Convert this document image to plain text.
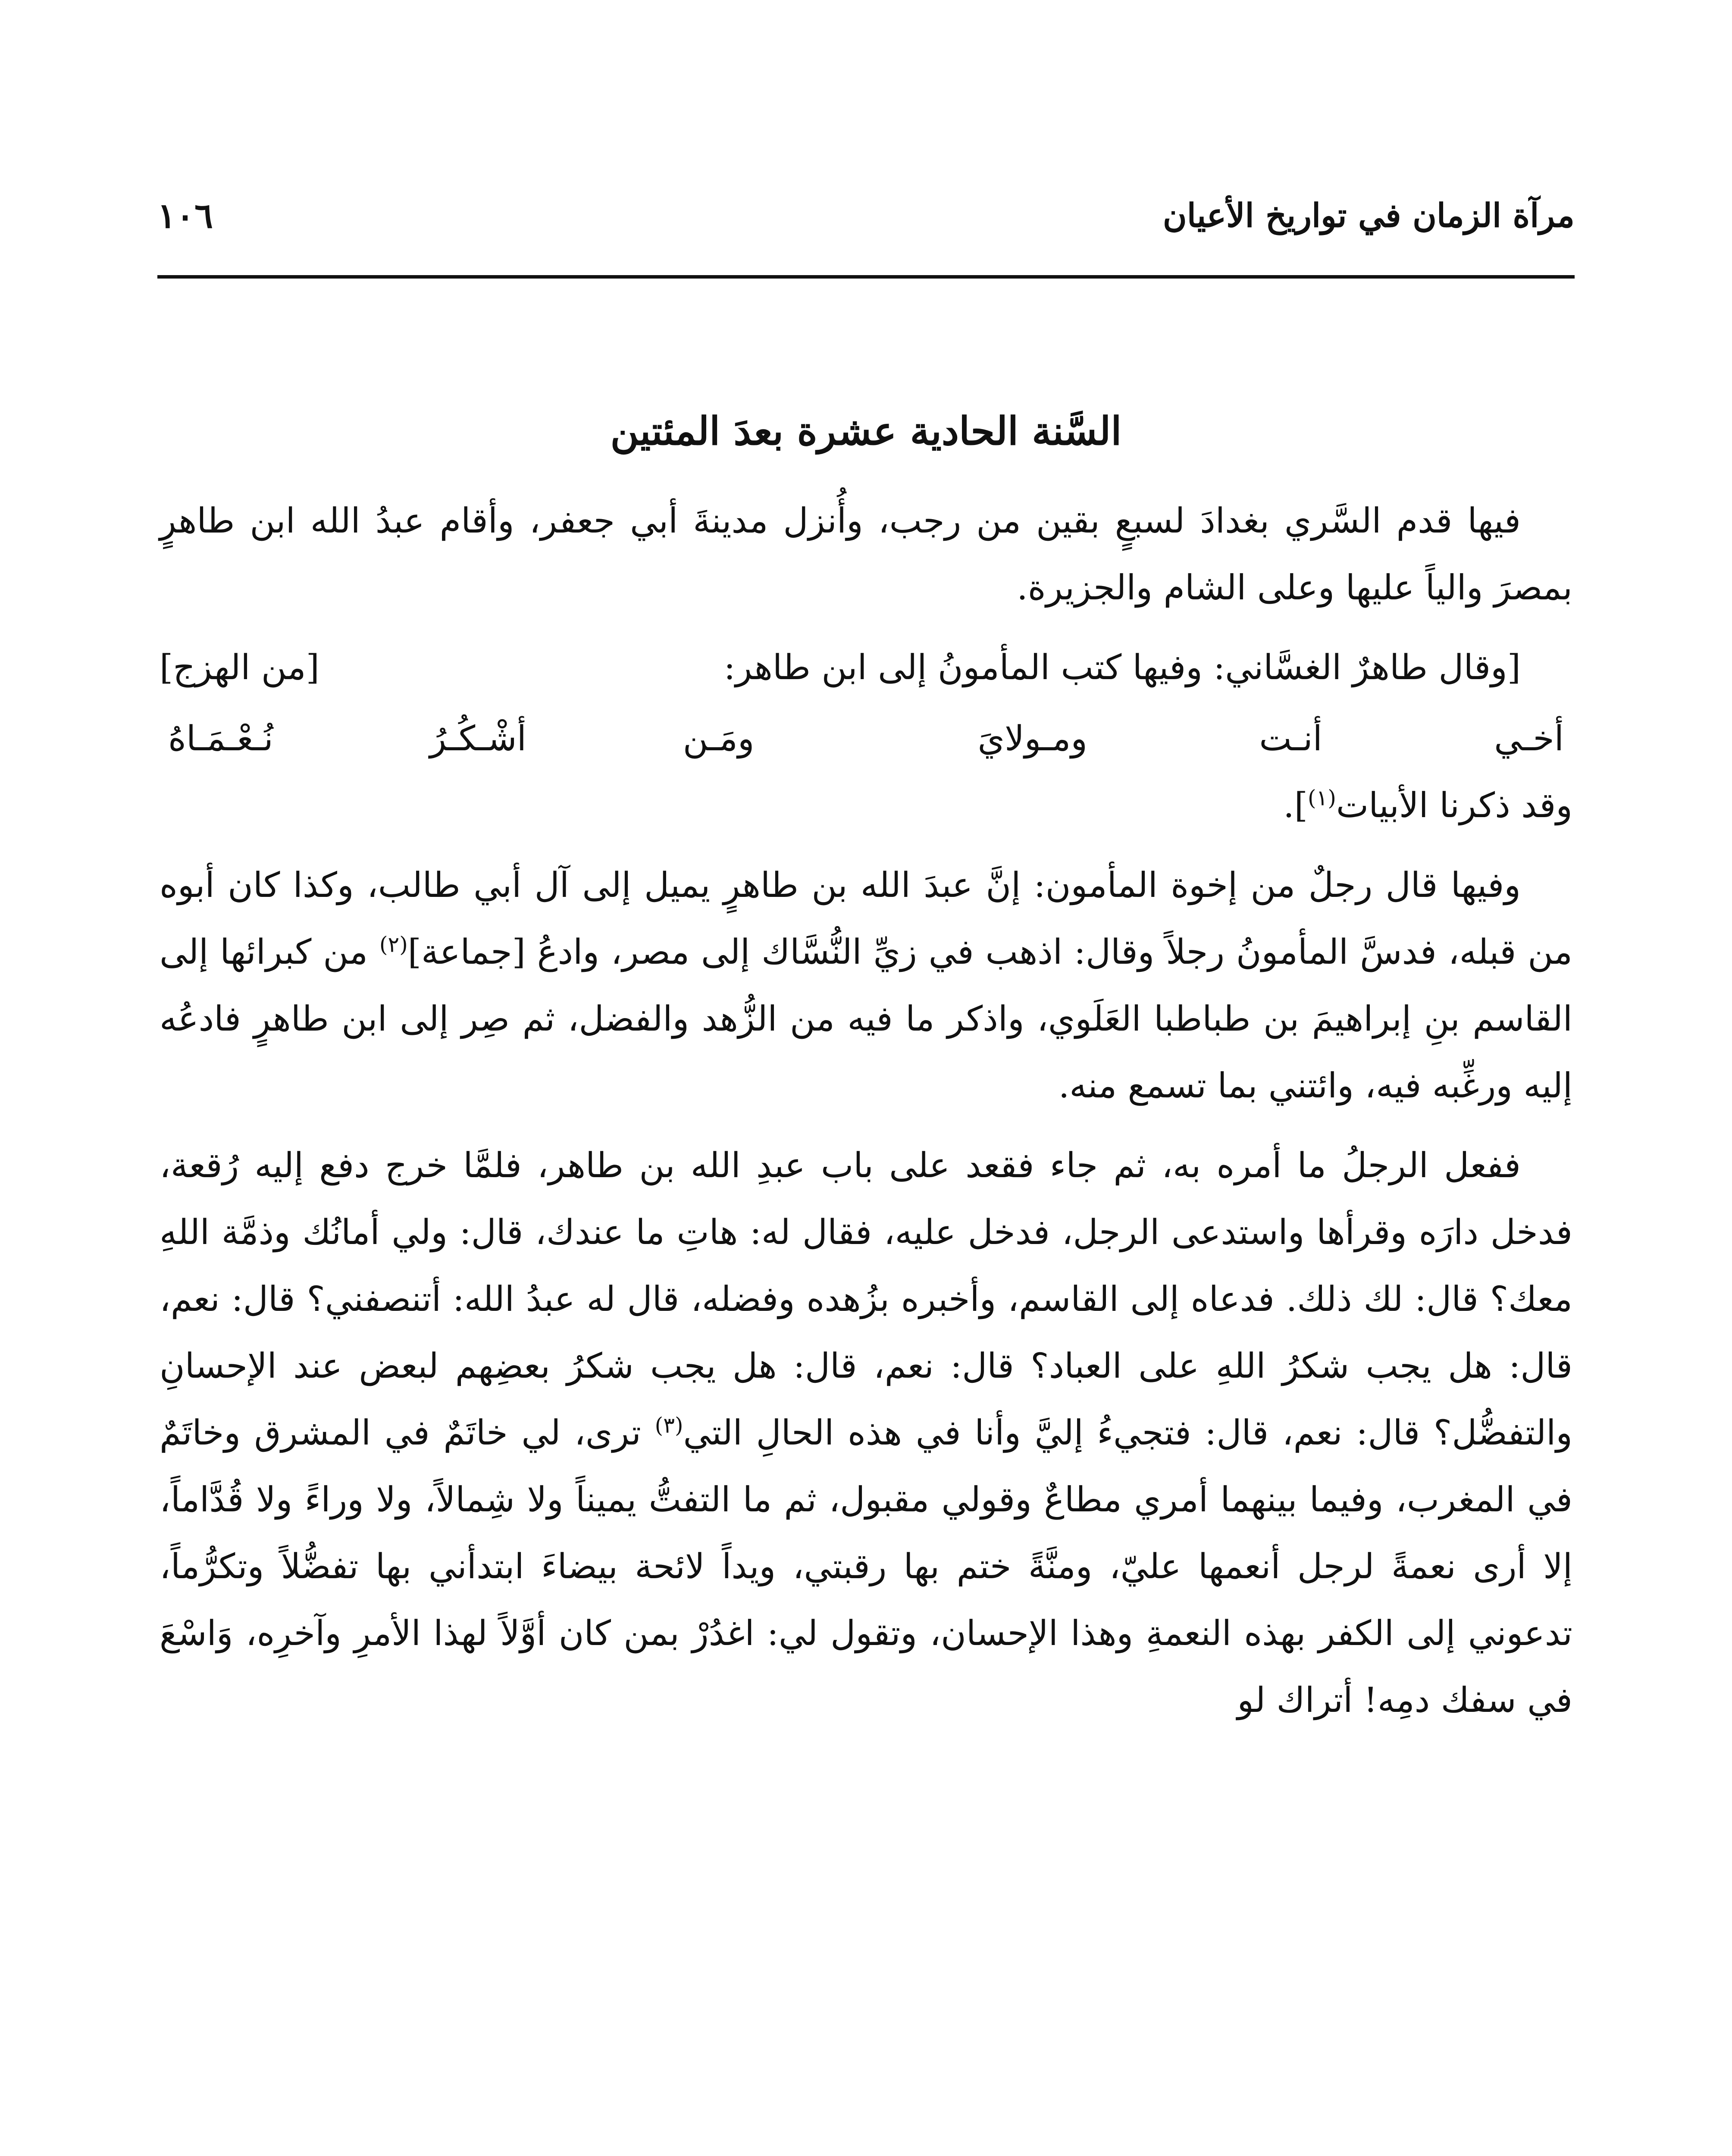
١٠٦	مرآة الزمان في تواريخ الأعيان
السَّنة الحادية عشرة بعدَ المئتين

فيها قدم السَّري بغدادَ لسبعٍ بقين من رجب، وأُنزل مدينةَ أبي جعفر، وأقام عبدُ الله ابن طاهرٍ بمصرَ والياً عليها وعلى الشام والجزيرة.

[وقال طاهرٌ الغسَّاني: وفيها كتب المأمونُ إلى ابن طاهر:
[من الهزج]
أخـي أنـت ومـولايَ
ومَـن أشْـكُـرُ نُـعْـمَـاهُ

وقد ذكرنا الأبيات$^{(١)}$].

وفيها قال رجلٌ من إخوة المأمون: إنَّ عبدَ الله بن طاهرٍ يميل إلى آل أبي طالب، وكذا كان أبوه من قبله، فدسَّ المأمونُ رجلاً وقال: اذهب في زيِّ النُّسَّاك إلى مصر، وادعُ [جماعة]$^{(٢)}$ من كبرائها إلى القاسم بنِ إبراهيمَ بن طباطبا العَلَوي، واذكر ما فيه من الزُّهد والفضل، ثم صِر إلى ابن طاهرٍ فادعُه إليه ورغِّبه فيه، وائتني بما تسمع منه.

ففعل الرجلُ ما أمره به، ثم جاء فقعد على باب عبدِ الله بن طاهر، فلمَّا خرج دفع إليه رُقعة، فدخل دارَه وقرأها واستدعى الرجل، فدخل عليه، فقال له: هاتِ ما عندك، قال: ولي أمانُك وذمَّة اللهِ معك؟ قال: لك ذلك. فدعاه إلى القاسم، وأخبره بزُهده وفضله، قال له عبدُ الله: أتنصفني؟ قال: نعم، قال: هل يجب شكرُ اللهِ على العباد؟ قال: نعم، قال: هل يجب شكرُ بعضِهم لبعض عند الإحسانِ والتفضُّل؟ قال: نعم، قال: فتجيءُ إليَّ وأنا في هذه الحالِ التي$^{(٣)}$ ترى، لي خاتَمٌ في المشرق وخاتَمٌ في المغرب، وفيما بينهما أمري مطاعٌ وقولي مقبول، ثم ما التفتُّ يميناً ولا شِمالاً، ولا وراءً ولا قُدَّاماً، إلا أرى نعمةً لرجل أنعمها عليّ، ومنَّةً ختم بها رقبتي، ويداً لائحة بيضاءَ ابتدأني بها تفضُّلاً وتكرُّماً، تدعوني إلى الكفر بهذه النعمةِ وهذا الإحسان، وتقول لي: اغدُرْ بمن كان أوَّلاً لهذا الأمرِ وآخرِه، وَاسْعَ في سفك دمِه! أتراك لو
